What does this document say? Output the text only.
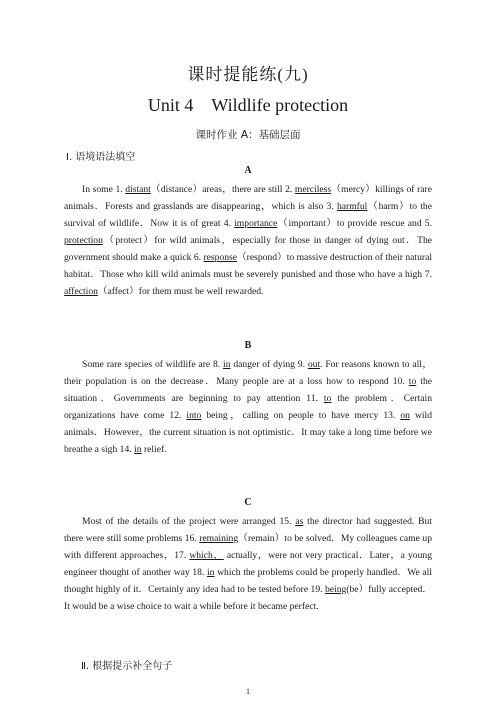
课时提能练(九)
Unit 4 Wildlife protection
课时作业 A：基础层面
Ⅰ. 语境语法填空
A

In some 1. distant（distance）areas，there are still 2. merciless（mercy）killings of rare animals．Forests and grasslands are disappearing，which is also 3. harmful（harm）to the survival of wildlife．Now it is of great 4. importance（important）to provide rescue and 5. protection（protect）for wild animals，especially for those in danger of dying out．The government should make a quick 6. response（respond）to massive destruction of their natural habitat．Those who kill wild animals must be severely punished and those who have a high 7. affection（affect）for them must be well rewarded.

B

Some rare species of wildlife are 8. in danger of dying 9. out. For reasons known to all，their population is on the decrease．Many people are at a loss how to respond 10. to the situation．Governments are beginning to pay attention 11. to the problem．Certain organizations have come 12. into being，calling on people to have mercy 13. on wild animals．However，the current situation is not optimistic．It may take a long time before we breathe a sigh 14. in relief.

C

Most of the details of the project were arranged 15. as the director had suggested. But there were still some problems 16. remaining（remain）to be solved．My colleagues came up with different approaches，17. which， actually，were not very practical．Later，a young engineer thought of another way 18. in which the problems could be properly handled．We all thought highly of it．Certainly any idea had to be tested before 19. being(be）fully accepted．It would be a wise choice to wait a while before it became perfect.

Ⅱ. 根据提示补全句子
1
